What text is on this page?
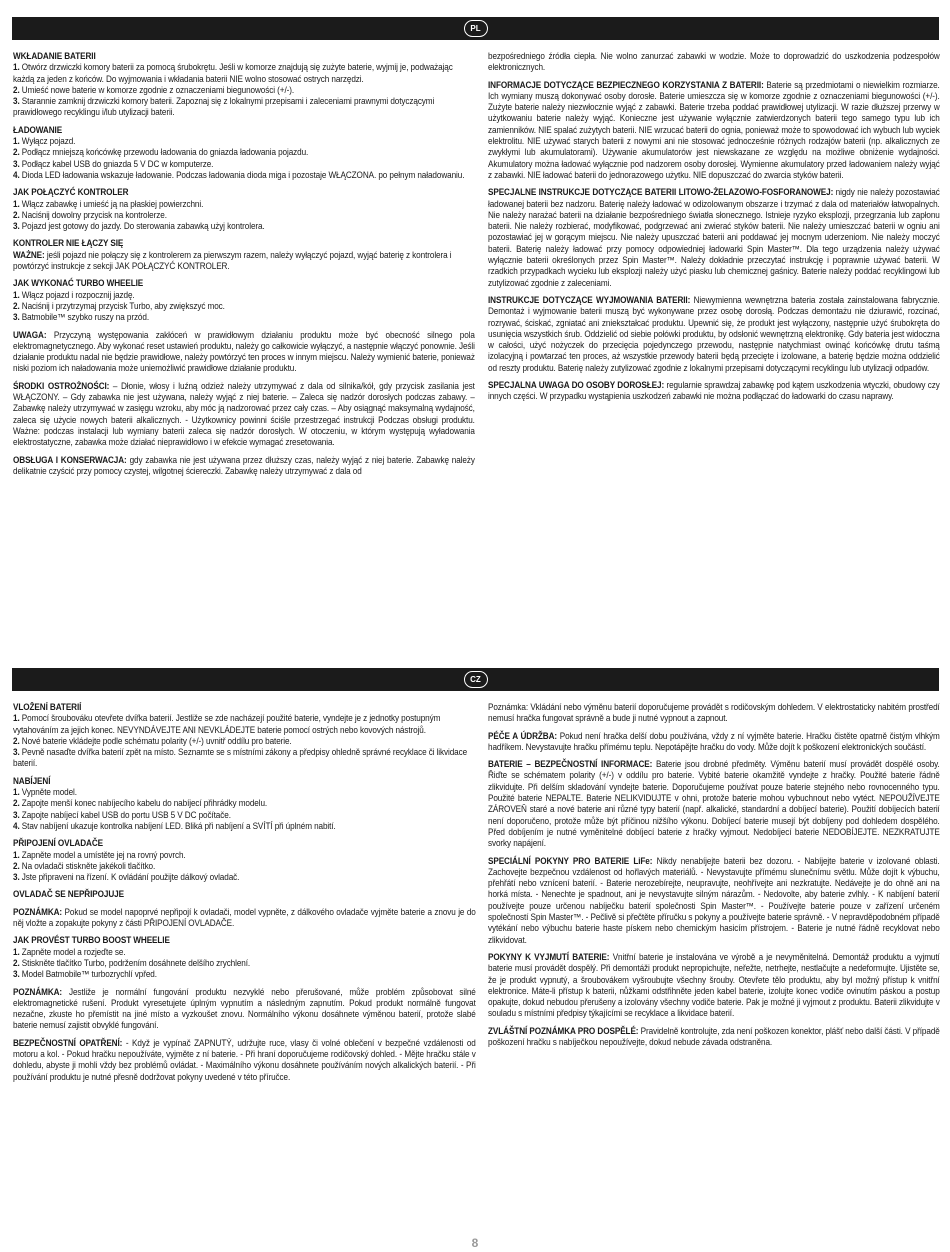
PL
WKŁADANIE BATERII
1. Otwórz drzwiczki komory baterii za pomocą śrubokrętu. Jeśli w komorze znajdują się zużyte baterie, wyjmij je, podważając każdą za jeden z końców. Do wyjmowania i wkładania baterii NIE wolno stosować ostrych narzędzi.
2. Umieść nowe baterie w komorze zgodnie z oznaczeniami biegunowości (+/-).
3. Starannie zamknij drzwiczki komory baterii. Zapoznaj się z lokalnymi przepisami i zaleceniami prawnymi dotyczącymi prawidłowego recyklingu i/lub utylizacji baterii.
ŁADOWANIE
1. Wyłącz pojazd.
2. Podłącz mniejszą końcówkę przewodu ładowania do gniazda ładowania pojazdu.
3. Podłącz kabel USB do gniazda 5 V DC w komputerze.
4. Dioda LED ładowania wskazuje ładowanie. Podczas ładowania dioda miga i pozostaje WŁĄCZONA. po pełnym naładowaniu.
JAK POŁĄCZYĆ KONTROLER
1. Włącz zabawkę i umieść ją na płaskiej powierzchni.
2. Naciśnij dowolny przycisk na kontrolerze.
3. Pojazd jest gotowy do jazdy. Do sterowania zabawką użyj kontrolera.
KONTROLER NIE ŁĄCZY SIĘ
WAŻNE: jeśli pojazd nie połączy się z kontrolerem za pierwszym razem, należy wyłączyć pojazd, wyjąć baterię z kontrolera i powtórzyć instrukcje z sekcji JAK POŁĄCZYĆ KONTROLER.
JAK WYKONAĆ TURBO WHEELIE
1. Włącz pojazd i rozpocznij jazdę.
2. Naciśnij i przytrzymaj przycisk Turbo, aby zwiększyć moc.
3. Batmobile™ szybko ruszy na przód.

UWAGA: Przyczyną występowania zakłóceń w prawidłowym działaniu produktu może być obecność silnego pola elektromagnetycznego. Aby wykonać reset ustawień produktu, należy go całkowicie wyłączyć, a następnie włączyć ponownie. Jeśli działanie produktu nadal nie będzie prawidłowe, należy powtórzyć ten proces w innym miejscu. Należy wymienić baterie, ponieważ niski poziom ich naładowania może uniemożliwić prawidłowe działanie produktu.

ŚRODKI OSTROŻNOŚCI: – Dłonie, włosy i luźną odzież należy utrzymywać z dala od silnika/kół, gdy przycisk zasilania jest WŁĄCZONY. – Gdy zabawka nie jest używana, należy wyjąć z niej baterie. – Zaleca się nadzór dorosłych podczas zabawy. – Zabawkę należy utrzymywać w zasięgu wzroku, aby móc ją nadzorować przez cały czas. – Aby osiągnąć maksymalną wydajność, zaleca się użycie nowych baterii alkalicznych. - Użytkownicy powinni ściśle przestrzegać instrukcji Podczas obsługi produktu. Ważne: podczas instalacji lub wymiany baterii zaleca się nadzór dorosłych. W otoczeniu, w którym występują wyładowania elektrostatyczne, zabawka może działać nieprawidłowo i w efekcie wymagać zresetowania.

OBSŁUGA I KONSERWACJA: gdy zabawka nie jest używana przez dłuższy czas, należy wyjąć z niej baterie. Zabawkę należy delikatnie czyścić przy pomocy czystej, wilgotnej ściereczki. Zabawkę należy utrzymywać z dala od

bezpośredniego źródła ciepła. Nie wolno zanurzać zabawki w wodzie. Może to doprowadzić do uszkodzenia podzespołów elektronicznych.

INFORMACJE DOTYCZĄCE BEZPIECZNEGO KORZYSTANIA Z BATERII: Baterie są przedmiotami o niewielkim rozmiarze. Ich wymiany muszą dokonywać osoby dorosłe. Baterie umieszcza się w komorze zgodnie z oznaczeniami biegunowości (+/-). Zużyte baterie należy niezwłocznie wyjąć z zabawki. Baterie trzeba poddać prawidłowej utylizacji. W razie dłuższej przerwy w użytkowaniu baterie należy wyjąć. Konieczne jest używanie wyłącznie zatwierdzonych baterii tego samego typu lub ich zamienników. NIE spalać zużytych baterii. NIE wrzucać baterii do ognia, ponieważ może to spowodować ich wybuch lub wyciek elektrolitu. NIE używać starych baterii z nowymi ani nie stosować jednocześnie różnych rodzajów baterii (np. alkalicznych ze zwykłymi lub akumulatorami). Używanie akumulatorów jest niewskazane ze względu na możliwe obniżenie wydajności. Akumulatory można ładować wyłącznie pod nadzorem osoby dorosłej. Wymienne akumulatory przed ładowaniem należy wyjąć z zabawki. NIE ładować baterii do jednorazowego użytku. NIE dopuszczać do zwarcia styków baterii.

SPECJALNE INSTRUKCJE DOTYCZĄCE BATERII LITOWO-ŻELAZOWO-FOSFORANOWEJ: nigdy nie należy pozostawiać ładowanej baterii bez nadzoru. Baterię należy ładować w odizolowanym obszarze i trzymać z dala od materiałów łatwopalnych. Nie należy narażać baterii na działanie bezpośredniego światła słonecznego. Istnieje ryzyko eksplozji, przegrzania lub zapłonu baterii. Nie należy rozbierać, modyfikować, podgrzewać ani zwierać styków baterii. Nie należy umieszczać baterii w ogniu ani pozostawiać jej w gorącym miejscu. Nie należy upuszczać baterii ani poddawać jej mocnym uderzeniom. Nie należy moczyć baterii. Baterię należy ładować przy pomocy odpowiedniej ładowarki Spin Master™. Dla tego urządzenia należy używać wyłącznie baterii określonych przez Spin Master™. Należy dokładnie przeczytać instrukcję i poprawnie używać baterii. W rzadkich przypadkach wycieku lub eksplozji należy użyć piasku lub chemicznej gaśnicy. Baterie należy poddać recyklingowi lub zutylizować zgodnie z zaleceniami.

INSTRUKCJE DOTYCZĄCE WYJMOWANIA BATERII: Niewymienna wewnętrzna bateria została zainstalowana fabrycznie. Demontaż i wyjmowanie baterii muszą być wykonywane przez osobę dorosłą. Podczas demontażu nie dziurawić, rozcinać, rozrywać, ściskać, zgniatać ani zniekształcać produktu. Upewnić się, że produkt jest wyłączony, następnie użyć śrubokręta do usunięcia wszystkich śrub. Oddzielić od siebie połówki produktu, by odsłonić wewnętrzną elektronikę. Gdy bateria jest widoczna w całości, użyć nożyczek do przecięcia pojedynczego przewodu, następnie natychmiast owinąć końcówkę drutu taśmą izolacyjną i powtarzać ten proces, aż wszystkie przewody baterii będą przecięte i izolowane, a baterię będzie można oddzielić od reszty produktu. Baterię należy zutylizować zgodnie z lokalnymi przepisami dotyczącymi recyklingu lub utylizacji odpadów.

SPECJALNA UWAGA DO OSOBY DOROSŁEJ: regularnie sprawdzaj zabawkę pod kątem uszkodzenia wtyczki, obudowy czy innych części. W przypadku wystąpienia uszkodzeń zabawki nie można podłączać do ładowarki do czasu naprawy.

CZ
VLOŽENÍ BATERIÍ
1. Pomocí šroubováku otevřete dvířka baterií. Jestliže se zde nacházejí použité baterie, vyndejte je z jednotky postupným vytahováním za jejich konec. NEVYNDÁVEJTE ANI NEVKLÁDEJTE baterie pomocí ostrých nebo kovových nástrojů.
2. Nové baterie vkládejte podle schématu polarity (+/-) uvnitř oddílu pro baterie.
3. Pevně nasaďte dvířka baterií zpět na místo. Seznamte se s místními zákony a předpisy ohledně správné recyklace či likvidace baterií.
NABÍJENÍ
1. Vypněte model.
2. Zapojte menší konec nabíjecího kabelu do nabíjecí přihrádky modelu.
3. Zapojte nabíjecí kabel USB do portu USB 5 V DC počítače.
4. Stav nabíjení ukazuje kontrolka nabíjení LED. Bliká při nabíjení a SVÍTÍ při úplném nabití.
PŘIPOJENÍ OVLADAČE
1. Zapněte model a umístěte jej na rovný povrch.
2. Na ovladači stiskněte jakékoli tlačítko.
3. Jste připraveni na řízení. K ovládání použijte dálkový ovladač.
OVLADAČ SE NEPŘIPOJUJE

POZNÁMKA: Pokud se model napoprvé nepřipojí k ovladači, model vypněte, z dálkového ovladače vyjměte baterie a znovu je do něj vložte a zopakujte pokyny z části PŘIPOJENÍ OVLADAČE.

JAK PROVÉST TURBO BOOST WHEELIE
1. Zapněte model a rozjeďte se.
2. Stiskněte tlačítko Turbo, podržením dosáhnete delšího zrychlení.
3. Model Batmobile™ turbozrychlí vpřed.

POZNÁMKA: Jestliže je normální fungování produktu nezvyklé nebo přerušované, může problém způsobovat silné elektromagnetické rušení. Produkt vyresetujete úplným vypnutím a následným zapnutím. Pokud produkt normálně fungovat nezačne, zkuste ho přemístit na jiné místo a vyzkoušet znovu. Normálního výkonu dosáhnete výměnou baterií, protože slabé baterie nemusí zajistit obvyklé fungování.

BEZPEČNOSTNÍ OPATŘENÍ: - Když je vypínač ZAPNUTÝ, udržujte ruce, vlasy či volné oblečení v bezpečné vzdálenosti od motoru a kol. - Pokud hračku nepoužíváte, vyjměte z ní baterie. - Při hraní doporučujeme rodičovský dohled. - Mějte hračku stále v dohledu, abyste ji mohli vždy bez problémů ovládat. - Maximálního výkonu dosáhnete používáním nových alkalických baterií. - Při používání produktu je nutné přesně dodržovat pokyny uvedené v této příručce.

Poznámka: Vkládání nebo výměnu baterií doporučujeme provádět s rodičovským dohledem. V elektrostaticky nabitém prostředí nemusí hračka fungovat správně a bude ji nutné vypnout a zapnout.

PÉČE A ÚDRŽBA: Pokud není hračka delší dobu používána, vždy z ní vyjměte baterie. Hračku čistěte opatrně čistým vlhkým hadříkem. Nevystavujte hračku přímému teplu. Nepotápějte hračku do vody. Může dojít k poškození elektronických součástí.

BATERIE – BEZPEČNOSTNÍ INFORMACE: Baterie jsou drobné předměty. Výměnu baterií musí provádět dospělé osoby. Řiďte se schématem polarity (+/-) v oddílu pro baterie. Vybité baterie okamžitě vyndejte z hračky. Použité baterie řádně zlikvidujte. Při delším skladování vyndejte baterie. Doporučujeme používat pouze baterie stejného nebo rovnocenného typu. Použité baterie NEPALTE. Baterie NELIKVIDUJTE v ohni, protože baterie mohou vybuchnout nebo vytéct. NEPOUŽÍVEJTE ZÁROVEŇ staré a nové baterie ani různé typy baterií (např. alkalické, standardní a dobíjecí baterie). Použití dobíjecích baterií není doporučeno, protože může být příčinou nižšího výkonu. Dobíjecí baterie musejí být dobíjeny pod dohledem dospělého. Před dobíjením je nutné vyměnitelné dobíjecí baterie z hračky vyjmout. Nedobíjecí baterie NEDOBÍJEJTE. NEZKRATUJTE svorky napájení.

SPECIÁLNÍ POKYNY PRO BATERIE LiFe: Nikdy nenabíjejte baterii bez dozoru. - Nabíjejte baterie v izolované oblasti. Zachovejte bezpečnou vzdálenost od hořlavých materiálů. - Nevystavujte přímému slunečnímu světlu. Může dojít k výbuchu, přehřátí nebo vznícení baterií. - Baterie nerozebírejte, neupravujte, neohřívejte ani nezkratujte. Nedávejte je do ohně ani na horká místa. - Nenechte je spadnout, ani je nevystavujte silným nárazům. - Nedovolte, aby baterie zvlhly. - K nabíjení baterií používejte pouze určenou nabíječku baterií společnosti Spin Master™. - Používejte baterie pouze v zařízení určeném společností Spin Master™. - Pečlivě si přečtěte příručku s pokyny a používejte baterie správně. - V nepravděpodobném případě vytékání nebo výbuchu baterie haste pískem nebo chemickým hasicím přístrojem. - Baterie je nutné řádně recyklovat nebo zlikvidovat.

POKYNY K VYJMUTÍ BATERIE: Vnitřní baterie je instalována ve výrobě a je nevyměnitelná. Demontáž produktu a vyjmutí baterie musí provádět dospělý. Při demontáži produkt nepropichujte, neřežte, netrhejte, nestlačujte a nedeformujte. Ujistěte se, že je produkt vypnutý, a šroubovákem vyšroubujte všechny šrouby. Otevřete tělo produktu, aby byl možný přístup k vnitřní elektronice. Máte-li přístup k baterii, nůžkami odstřihněte jeden kabel baterie, izolujte konec vodiče ovinutím páskou a postup opakujte, dokud nebudou přerušeny a izolovány všechny vodiče baterie. Pak je možné ji vyjmout z produktu. Baterii zlikvidujte v souladu s místními předpisy týkajícími se recyklace a likvidace baterií.

ZVLÁŠTNÍ POZNÁMKA PRO DOSPĚLÉ: Pravidelně kontrolujte, zda není poškozen konektor, plášť nebo další části. V případě poškození hračku s nabíječkou nepoužívejte, dokud nebude závada odstraněna.

8
